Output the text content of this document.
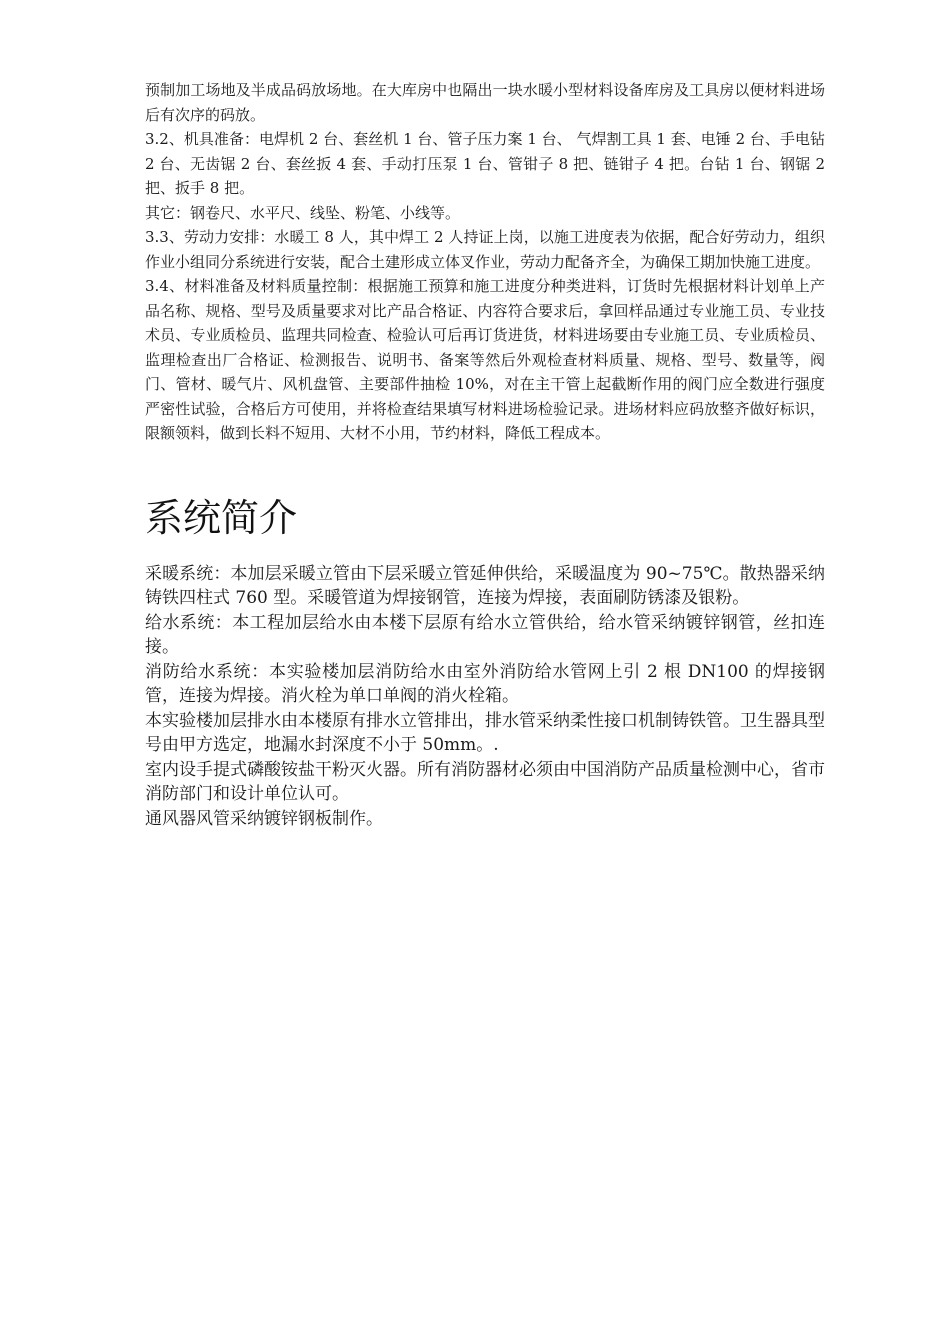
预制加工场地及半成品码放场地。在大库房中也隔出一块水暖小型材料设备库房及工具房以便材料进场后有次序的码放。

3.2、机具准备：电焊机 2 台、套丝机 1 台、管子压力案 1 台、 气焊割工具 1 套、电锤 2 台、手电钻 2 台、无齿锯 2 台、套丝扳 4 套、手动打压泵 1 台、管钳子 8 把、链钳子 4 把。台钻 1 台、钢锯 2 把、扳手 8 把。

其它：钢卷尺、水平尺、线坠、粉笔、小线等。

3.3、劳动力安排：水暖工 8 人，其中焊工 2 人持证上岗，以施工进度表为依据，配合好劳动力，组织作业小组同分系统进行安装，配合土建形成立体叉作业，劳动力配备齐全，为确保工期加快施工进度。

3.4、材料准备及材料质量控制：根据施工预算和施工进度分种类进料，订货时先根据材料计划单上产品名称、规格、型号及质量要求对比产品合格证、内容符合要求后，拿回样品通过专业施工员、专业技术员、专业质检员、监理共同检查、检验认可后再订货进货，材料进场要由专业施工员、专业质检员、监理检查出厂合格证、检测报告、说明书、备案等然后外观检查材料质量、规格、型号、数量等，阀门、管材、暖气片、风机盘管、主要部件抽检 10%，对在主干管上起截断作用的阀门应全数进行强度严密性试验，合格后方可使用，并将检查结果填写材料进场检验记录。进场材料应码放整齐做好标识，限额领料，做到长料不短用、大材不小用，节约材料，降低工程成本。

系统简介

采暖系统：本加层采暖立管由下层采暖立管延伸供给，采暖温度为 90~75℃。散热器采纳铸铁四柱式 760 型。采暖管道为焊接钢管，连接为焊接，表面刷防锈漆及银粉。

给水系统：本工程加层给水由本楼下层原有给水立管供给，给水管采纳镀锌钢管，丝扣连接。

消防给水系统：本实验楼加层消防给水由室外消防给水管网上引 2 根 DN100 的焊接钢管，连接为焊接。消火栓为单口单阀的消火栓箱。

本实验楼加层排水由本楼原有排水立管排出，排水管采纳柔性接口机制铸铁管。卫生器具型号由甲方选定，地漏水封深度不小于 50mm。.

室内设手提式磷酸铵盐干粉灭火器。所有消防器材必须由中国消防产品质量检测中心，省市消防部门和设计单位认可。

通风器风管采纳镀锌钢板制作。
